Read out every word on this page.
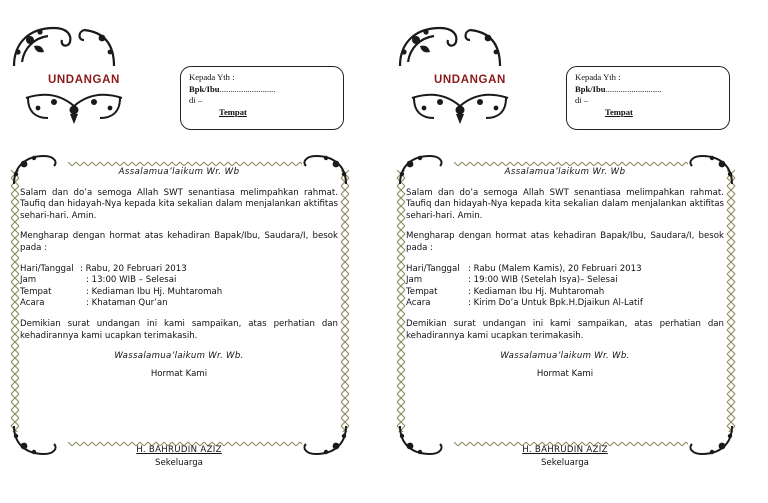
UNDANGAN	Kepada Yth :
Bpk/Ibu..........................
di –
Tempat
Assalamua’laikum Wr. Wb
Salam dan do’a semoga Allah SWT senantiasa melimpahkan rahmat. Taufiq dan hidayah-Nya kepada kita sekalian dalam menjalankan aktifitas sehari-hari. Amin.
Mengharap dengan hormat atas kehadiran Bapak/Ibu, Saudara/I, besok pada :
Hari/Tanggal : Rabu, 20 Februari 2013
Jam	: 13:00 WIB – Selesai
Tempat	: Kediaman Ibu Hj. Muhtaromah
Acara	: Khataman Qur’an
Demikian surat undangan ini kami sampaikan, atas perhatian dan kehadirannya kami ucapkan terimakasih.
Wassalamua’laikum Wr. Wb.
Hormat Kami
H. BAHRUDIN AZIZ
Sekeluarga
UNDANGAN	Kepada Yth :
Bpk/Ibu..........................
di –
Tempat
Assalamua’laikum Wr. Wb
Salam dan do’a semoga Allah SWT senantiasa melimpahkan rahmat. Taufiq dan hidayah-Nya kepada kita sekalian dalam menjalankan aktifitas sehari-hari. Amin.
Mengharap dengan hormat atas kehadiran Bapak/Ibu, Saudara/I, besok pada :
Hari/Tanggal : Rabu (Malem Kamis), 20 Februari 2013
Jam	: 19:00 WIB (Setelah Isya)– Selesai
Tempat	: Kediaman Ibu Hj. Muhtaromah
Acara	: Kirim Do’a Untuk Bpk.H.Djaikun Al-Latif
Demikian surat undangan ini kami sampaikan, atas perhatian dan kehadirannya kami ucapkan terimakasih.
Wassalamua’laikum Wr. Wb.
Hormat Kami
H. BAHRUDIN AZIZ
Sekeluarga
